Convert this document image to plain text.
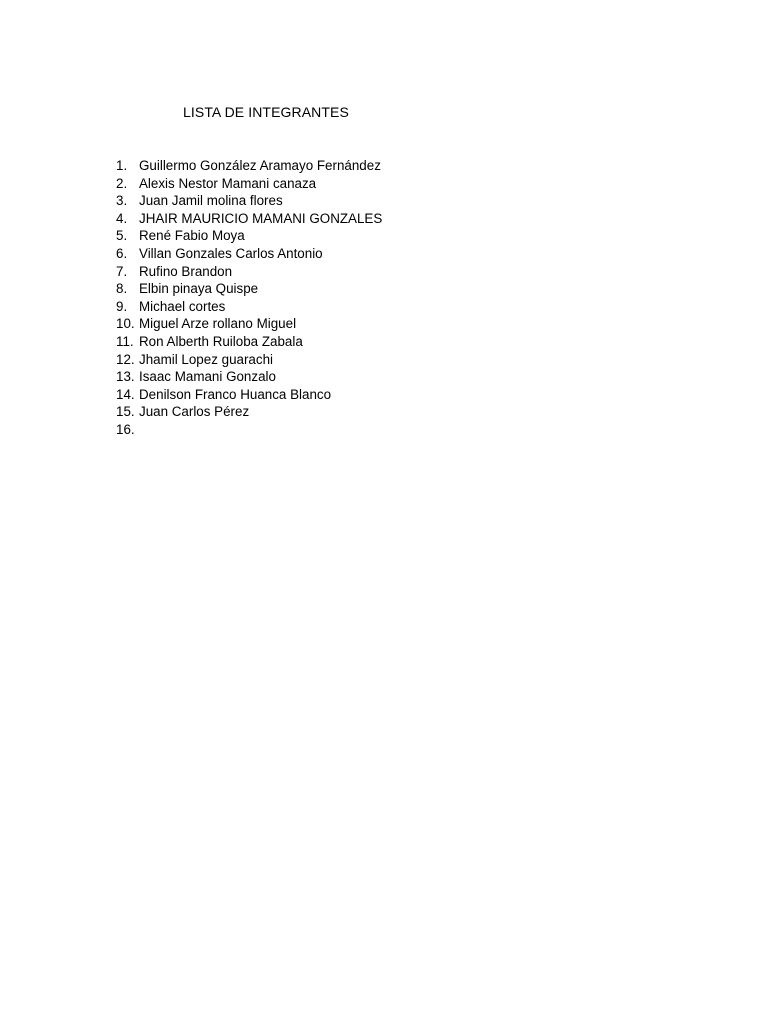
LISTA DE INTEGRANTES
1. Guillermo González Aramayo Fernández
2. Alexis Nestor Mamani canaza
3. Juan Jamil molina flores
4. JHAIR MAURICIO MAMANI GONZALES
5. René Fabio Moya
6. Villan Gonzales Carlos Antonio
7. Rufino Brandon
8. Elbin pinaya Quispe
9. Michael cortes
10. Miguel Arze rollano Miguel
11. Ron Alberth Ruiloba Zabala
12. Jhamil Lopez guarachi
13. Isaac Mamani Gonzalo
14. Denilson Franco Huanca Blanco
15. Juan Carlos Pérez
16.
